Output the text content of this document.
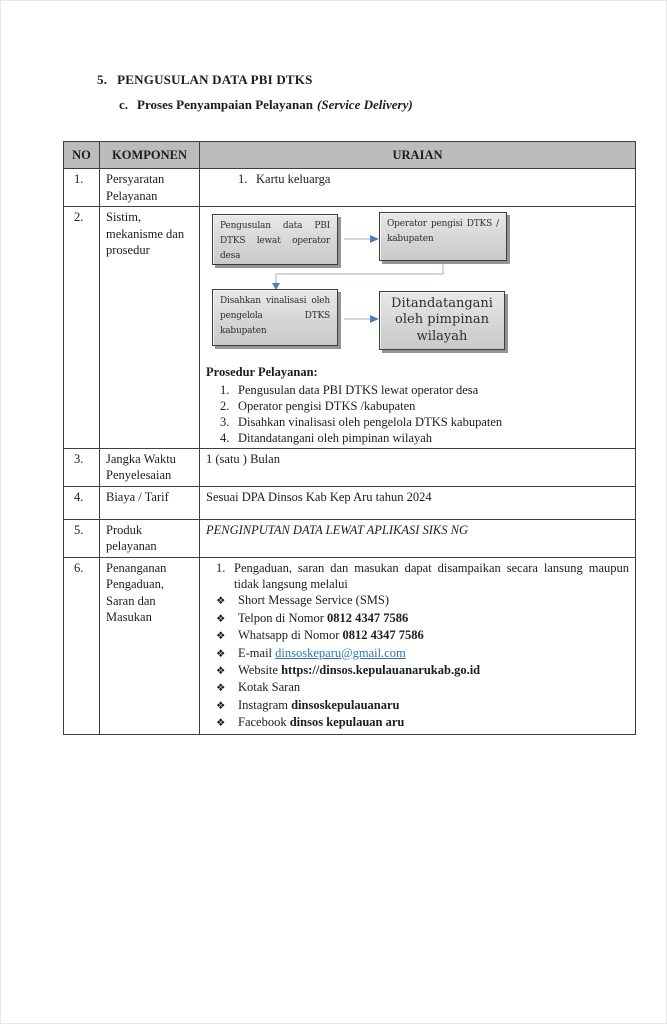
5. PENGUSULAN DATA PBI DTKS
c. Proses Penyampaian Pelayanan (Service Delivery)
NO	KOMPONEN	URAIAN
1.	Persyaratan Pelayanan	1. Kartu keluarga

2.	Sistim, mekanisme dan prosedur	
Pengusulan data PBI DTKS lewat operator desa
Operator pengisi DTKS / kabupaten
Disahkan vinalisasi oleh pengelola DTKS kabupaten
Ditandatangani oleh pimpinan wilayah
Prosedur Pelayanan:
1. Pengusulan data PBI DTKS lewat operator desa
2. Operator pengisi DTKS /kabupaten
3. Disahkan vinalisasi oleh pengelola DTKS kabupaten
4. Ditandatangani oleh pimpinan wilayah

3.	Jangka Waktu Penyelesaian	1 (satu ) Bulan
4.	Biaya / Tarif	Sesuai DPA Dinsos Kab Kep Aru tahun 2024
5.	Produk pelayanan	PENGINPUTAN DATA LEWAT APLIKASI SIKS NG
6.	Penanganan Pengaduan, Saran dan Masukan	
1. Pengaduan, saran dan masukan dapat disampaikan secara lansung maupun tidak langsung melalui
❖	Short Message Service (SMS)
❖	Telpon di Nomor 0812 4347 7586
❖	Whatsapp di Nomor 0812 4347 7586
❖	E-mail dinsoskeparu@gmail.com
❖	Website https://dinsos.kepulauanarukab.go.id
❖	Kotak Saran
❖	Instagram dinsoskepulauanaru
❖	Facebook dinsos kepulauan aru
